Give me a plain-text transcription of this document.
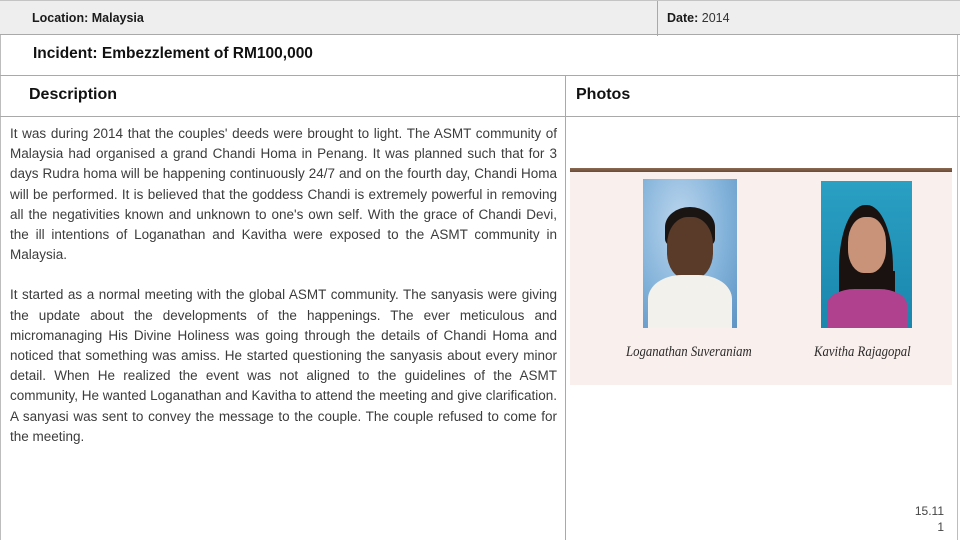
Location: Malaysia	Date: 2014
Incident: Embezzlement of RM100,000
Description	Photos

It was during 2014 that the couples' deeds were brought to light. The ASMT community of Malaysia had organised a grand Chandi Homa in Penang. It was planned such that for 3 days Rudra homa will be happening continuously 24/7 and on the fourth day, Chandi Homa will be performed. It is believed that the goddess Chandi is extremely powerful in removing all the negativities known and unknown to one's own self. With the grace of Chandi Devi, the ill intentions of Loganathan and Kavitha were exposed to the ASMT community in Malaysia.

It started as a normal meeting with the global ASMT community. The sanyasis were giving the update about the developments of the happenings. The ever meticulous and micromanaging His Divine Holiness was going through the details of Chandi Homa and noticed that something was amiss. He started questioning the sanyasis about every minor detail. When He realized the event was not aligned to the guidelines of the ASMT community, He wanted Loganathan and Kavitha to attend the meeting and give clarification. A sanyasi was sent to convey the message to the couple. The couple refused to come for the meeting.

Loganathan Suveraniam	Kavitha Rajagopal
15.11
1
